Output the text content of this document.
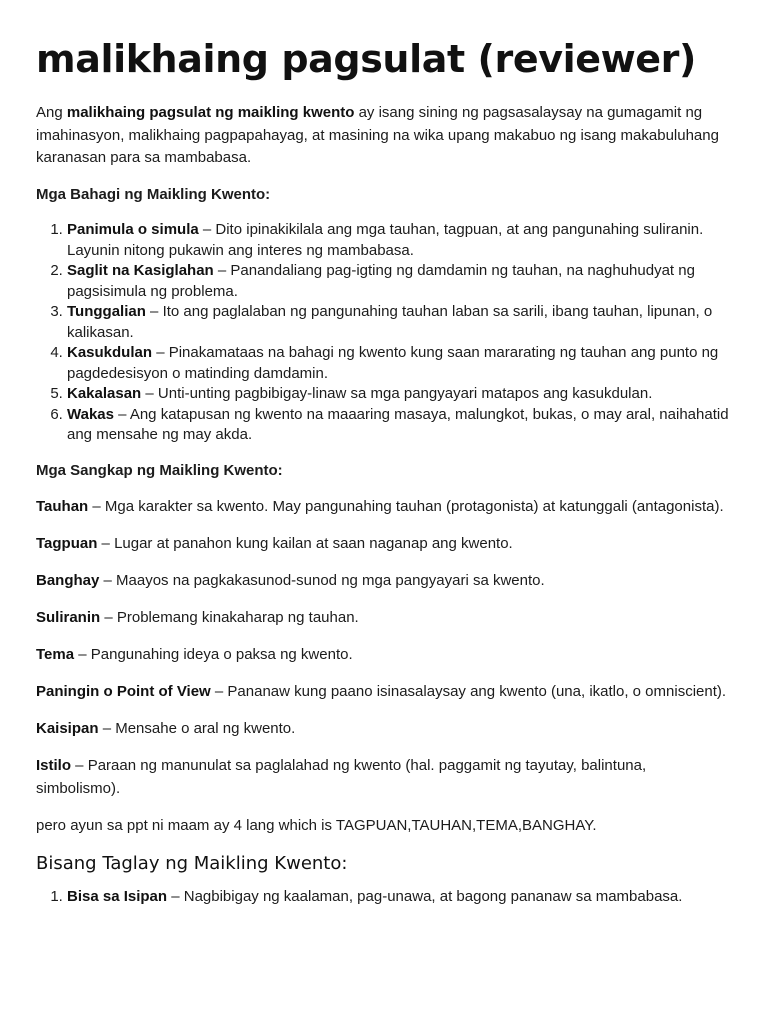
malikhaing pagsulat (reviewer)

Ang malikhaing pagsulat ng maikling kwento ay isang sining ng pagsasalaysay na gumagamit ng imahinasyon, malikhaing pagpapahayag, at masining na wika upang makabuo ng isang makabuluhang karanasan para sa mambabasa.

Mga Bahagi ng Maikling Kwento:

1. Panimula o simula – Dito ipinakikilala ang mga tauhan, tagpuan, at ang pangunahing suliranin. Layunin nitong pukawin ang interes ng mambabasa.
2. Saglit na Kasiglahan – Panandaliang pag-igting ng damdamin ng tauhan, na naghuhudyat ng pagsisimula ng problema.
3. Tunggalian – Ito ang paglalaban ng pangunahing tauhan laban sa sarili, ibang tauhan, lipunan, o kalikasan.
4. Kasukdulan – Pinakamataas na bahagi ng kwento kung saan mararating ng tauhan ang punto ng pagdedesisyon o matinding damdamin.
5. Kakalasan – Unti-unting pagbibigay-linaw sa mga pangyayari matapos ang kasukdulan.
6. Wakas – Ang katapusan ng kwento na maaaring masaya, malungkot, bukas, o may aral, naihahatid ang mensahe ng may akda.

Mga Sangkap ng Maikling Kwento:

Tauhan – Mga karakter sa kwento. May pangunahing tauhan (protagonista) at katunggali (antagonista).

Tagpuan – Lugar at panahon kung kailan at saan naganap ang kwento.

Banghay – Maayos na pagkakasunod-sunod ng mga pangyayari sa kwento.

Suliranin – Problemang kinakaharap ng tauhan.

Tema – Pangunahing ideya o paksa ng kwento.

Paningin o Point of View – Pananaw kung paano isinasalaysay ang kwento (una, ikatlo, o omniscient).

Kaisipan – Mensahe o aral ng kwento.

Istilo – Paraan ng manunulat sa paglalahad ng kwento (hal. paggamit ng tayutay, balintuna, simbolismo).

pero ayun sa ppt ni maam ay 4 lang which is TAGPUAN,TAUHAN,TEMA,BANGHAY.

Bisang Taglay ng Maikling Kwento:
1. Bisa sa Isipan – Nagbibigay ng kaalaman, pag-unawa, at bagong pananaw sa mambabasa.
